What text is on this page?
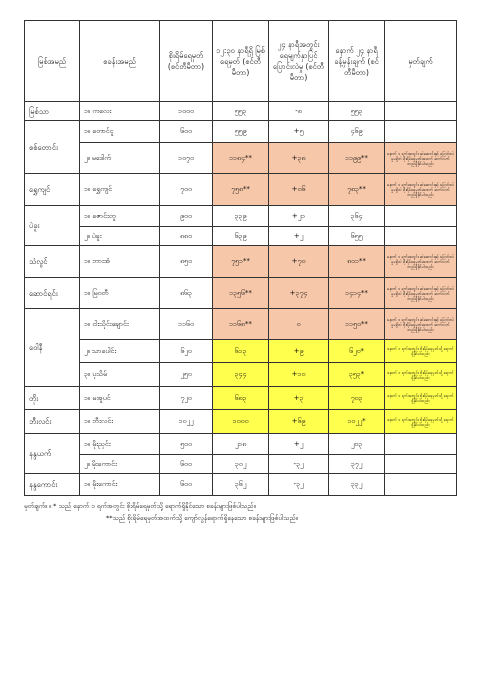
မြစ်အမည်	စခန်းအမည်	စိုးရိမ်ရေမှတ် (စင်တီမီတာ)	၁၂:၃၀ နာရီရှိ မြစ်ရေမှတ် (စင်တီမီတာ)	၂၄ နာရီအတွင်း ရေမျက်နှာပြင် ပြောင်းလဲမှု (စင်တီမီတာ)	နောက် ၂၄ နာရီ ခန့်မှန်းချက် (စင်တီမီတာ)	မှတ်ချက်
မြစ်သာ	၁။ ကလေး	၁၀၀၀	၅၅၃	-၈	၅၅၃	
စစ်တောင်း	၁။ တောင်ငူ	၆၀၀	၅၅၉	+၅	၄၆၉	
	၂။ မဒေါက်	၁၀၇၀	၁၁၈၄**	+၃၈	၁၁၉၉**	နောက် ၁ ရက်အတွင်း ဆဲဆောင်းနှင့် ပြောင်းလဲမှုမရှိဘဲ စိုးရိမ်ရေမှတ်အထက် ဆက်လက်တည်ရှိနိုင်ပါသည်။
ရွှေကျင်	၁။ ရွှေကျင်	၇၀၀	၇၅၈**	+၀၆	၇၈၃**	နောက် ၁ ရက်အတွင်း ဆဲဆောင်းနှင့် ပြောင်းလဲမှုမရှိဘဲ စိုးရိမ်ရေမှတ်အထက် ဆက်လက်တည်ရှိနိုင်ပါသည်။
ပဲခူး	၁။ ဇောင်းတူ	၉၀၀	၃၃၉	+၂၁	၃၆၄	
	၂။ ပဲခူး	၈၈၀	၆၃၉	+၂	၆၅၅	
သံလွင်	၁။ ဘားအံ	၈၅၀	၇၅၁**	+၇၀	၈၀၁**	နောက် ၁ ရက်အတွင်း ဆဲဆောင်းနှင့် ပြောင်းလဲမှုမရှိဘဲ စိုးရိမ်ရေမှတ်အထက် ဆက်လက်တည်ရှိနိုင်ပါသည်။
ဆောင်ရင်း	၁။ မြဝတီ	၈၆၃	၁၃၅၆**	+၃၇၄	၁၄၁၄**	နောက် ၁ ရက်အတွင်း ဆဲဆောင်းနှင့် ပြောင်းလဲမှုမရှိဘဲ စိုးရိမ်ရေမှတ်အထက် ဆက်လက်တည်ရှိနိုင်ပါသည်။
ဝေါနီ	၁။ ငါးသိုင်းချောင်း	၁၁၆၀	၁၁၆၈**	၀	၁၁၅၀**	နောက် ၁ ရက်အတွင်း ဆဲဆောင်းနှင့် ပြောင်းလဲမှုမရှိဘဲ စိုးရိမ်ရေမှတ်အထက် ဆက်လက်တည်ရှိနိုင်ပါသည်။
	၂။ သာပေါင်း	၆၂၀	၆၁၃	+၉	၆၂၀*	နောက် ၁ ရက်အတွင်း စိုးရိမ်ရေမှတ်သို့ ရောက်ရှိနိုင်ပါသည်။
	၃။ ပုသိမ်	၂၅၀	၃၄၄	+၁၀	၃၅၃*	နောက် ၁ ရက်အတွင်း စိုးရိမ်ရေမှတ်သို့ ရောက်ရှိနိုင်ပါသည်။
တိုး	၁။ မအူပင်	၇၂၀	၆၈၃	+၃	၇၀၃	နောက် ၁ ရက်အတွင်း စိုးရိမ်ရေမှတ်သို့ ရောက်ရှိနိုင်ပါသည်။
ဘီးလင်း	၁။ ဘီးလင်း	၁၀၂၂	၁၀၀၀	+၆၉	၁၀၂၂*	နောက် ၁ ရက်အတွင်း စိုးရိမ်ရေမှတ်သို့ ရောက်ရှိနိုင်ပါသည်။
နန္ဒယက်	၁။ မိုးညှင်း	၅၀၀	၂၁၈	+၂	၂၀၃	
	၂။ မိုးကောင်း	၆၀၀	၃၀၂	-၃၂	၃၇၂	
နန္ဒကောင်း	၁။ မိုးကောင်း	၆၀၀	၃၆၂	-၃၂	၃၃၂	
မှတ်ချက်။ ။ * သည် နောက် ၁ ရက်အတွင်း စိုးရိမ်ရေမှတ်သို့ ရောက်ရှိနိုင်သော စခန်းများဖြစ်ပါသည်။
**သည် စိုးရိမ်ရေမှတ်အထက်သို့ ကျော်လွန်ရောက်ရှိနေသော စခန်းများဖြစ်ပါသည်။
